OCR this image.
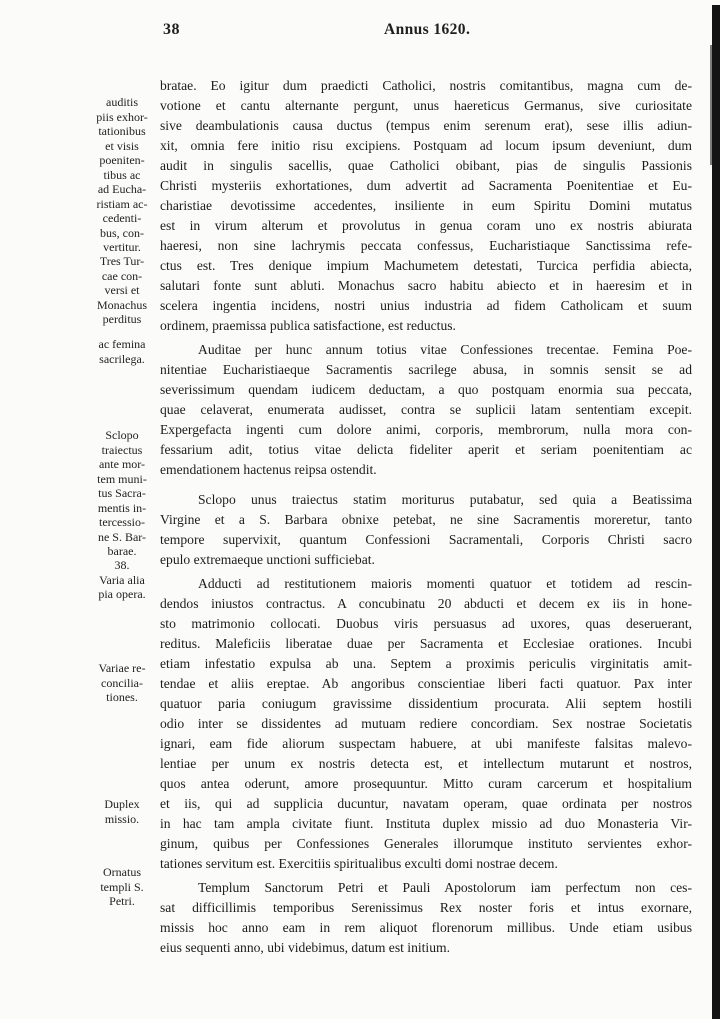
38	Annus 1620.
auditis
piis exhor-
tationibus
et visis
poeniten-
tibus ac
ad Eucha-
ristiam ac-
cedenti-
bus, con-
vertitur.
Tres Tur-
cae con-
versi et
Monachus
perditus
ac femina
sacrilega.
Sclopo
traiectus
ante mor-
tem muni-
tus Sacra-
mentis in-
tercessio-
ne S. Bar-
barae.
38.
Varia alia
pia opera.
Variae re-
concilia-
tiones.
Duplex
missio.
Ornatus
templi S.
Petri.
bratae. Eo igitur dum praedicti Catholici, nostris comitantibus, magna cum de-
votione et cantu alternante pergunt, unus haereticus Germanus, sive curiositate
sive deambulationis causa ductus (tempus enim serenum erat), sese illis adiun-
xit, omnia fere initio risu excipiens. Postquam ad locum ipsum deveniunt, dum
audit in singulis sacellis, quae Catholici obibant, pias de singulis Passionis
Christi mysteriis exhortationes, dum advertit ad Sacramenta Poenitentiae et Eu-
charistiae devotissime accedentes, insiliente in eum Spiritu Domini mutatus
est in virum alterum et provolutus in genua coram uno ex nostris abiurata
haeresi, non sine lachrymis peccata confessus, Eucharistiaque Sanctissima refe-
ctus est. Tres denique impium Machumetem detestati, Turcica perfidia abiecta,
salutari fonte sunt abluti. Monachus sacro habitu abiecto et in haeresim et in
scelera ingentia incidens, nostri unius industria ad fidem Catholicam et suum
ordinem, praemissa publica satisfactione, est reductus.
Auditae per hunc annum totius vitae Confessiones trecentae. Femina Poe-
nitentiae Eucharistiaeque Sacramentis sacrilege abusa, in somnis sensit se ad
severissimum quendam iudicem deductam, a quo postquam enormia sua peccata,
quae celaverat, enumerata audisset, contra se suplicii latam sententiam excepit.
Expergefacta ingenti cum dolore animi, corporis, membrorum, nulla mora con-
fessarium adit, totius vitae delicta fideliter aperit et seriam poenitentiam ac
emendationem hactenus reipsa ostendit.
Sclopo unus traiectus statim moriturus putabatur, sed quia a Beatissima
Virgine et a S. Barbara obnixe petebat, ne sine Sacramentis moreretur, tanto
tempore supervixit, quantum Confessioni Sacramentali, Corporis Christi sacro
epulo extremaeque unctioni sufficiebat.
Adducti ad restitutionem maioris momenti quatuor et totidem ad rescin-
dendos iniustos contractus. A concubinatu 20 abducti et decem ex iis in hone-
sto matrimonio collocati. Duobus viris persuasus ad uxores, quas deseruerant,
reditus. Maleficiis liberatae duae per Sacramenta et Ecclesiae orationes. Incubi
etiam infestatio expulsa ab una. Septem a proximis periculis virginitatis amit-
tendae et aliis ereptae. Ab angoribus conscientiae liberi facti quatuor. Pax inter
quatuor paria coniugum gravissime dissidentium procurata. Alii septem hostili
odio inter se dissidentes ad mutuam rediere concordiam. Sex nostrae Societatis
ignari, eam fide aliorum suspectam habuere, at ubi manifeste falsitas malevo-
lentiae per unum ex nostris detecta est, et intellectum mutarunt et nostros,
quos antea oderunt, amore prosequuntur. Mitto curam carcerum et hospitalium
et iis, qui ad supplicia ducuntur, navatam operam, quae ordinata per nostros
in hac tam ampla civitate fiunt. Instituta duplex missio ad duo Monasteria Vir-
ginum, quibus per Confessiones Generales illorumque instituto servientes exhor-
tationes servitum est. Exercitiis spiritualibus exculti domi nostrae decem.
Templum Sanctorum Petri et Pauli Apostolorum iam perfectum non ces-
sat difficillimis temporibus Serenissimus Rex noster foris et intus exornare,
missis hoc anno eam in rem aliquot florenorum millibus. Unde etiam usibus
eius sequenti anno, ubi videbimus, datum est initium.
